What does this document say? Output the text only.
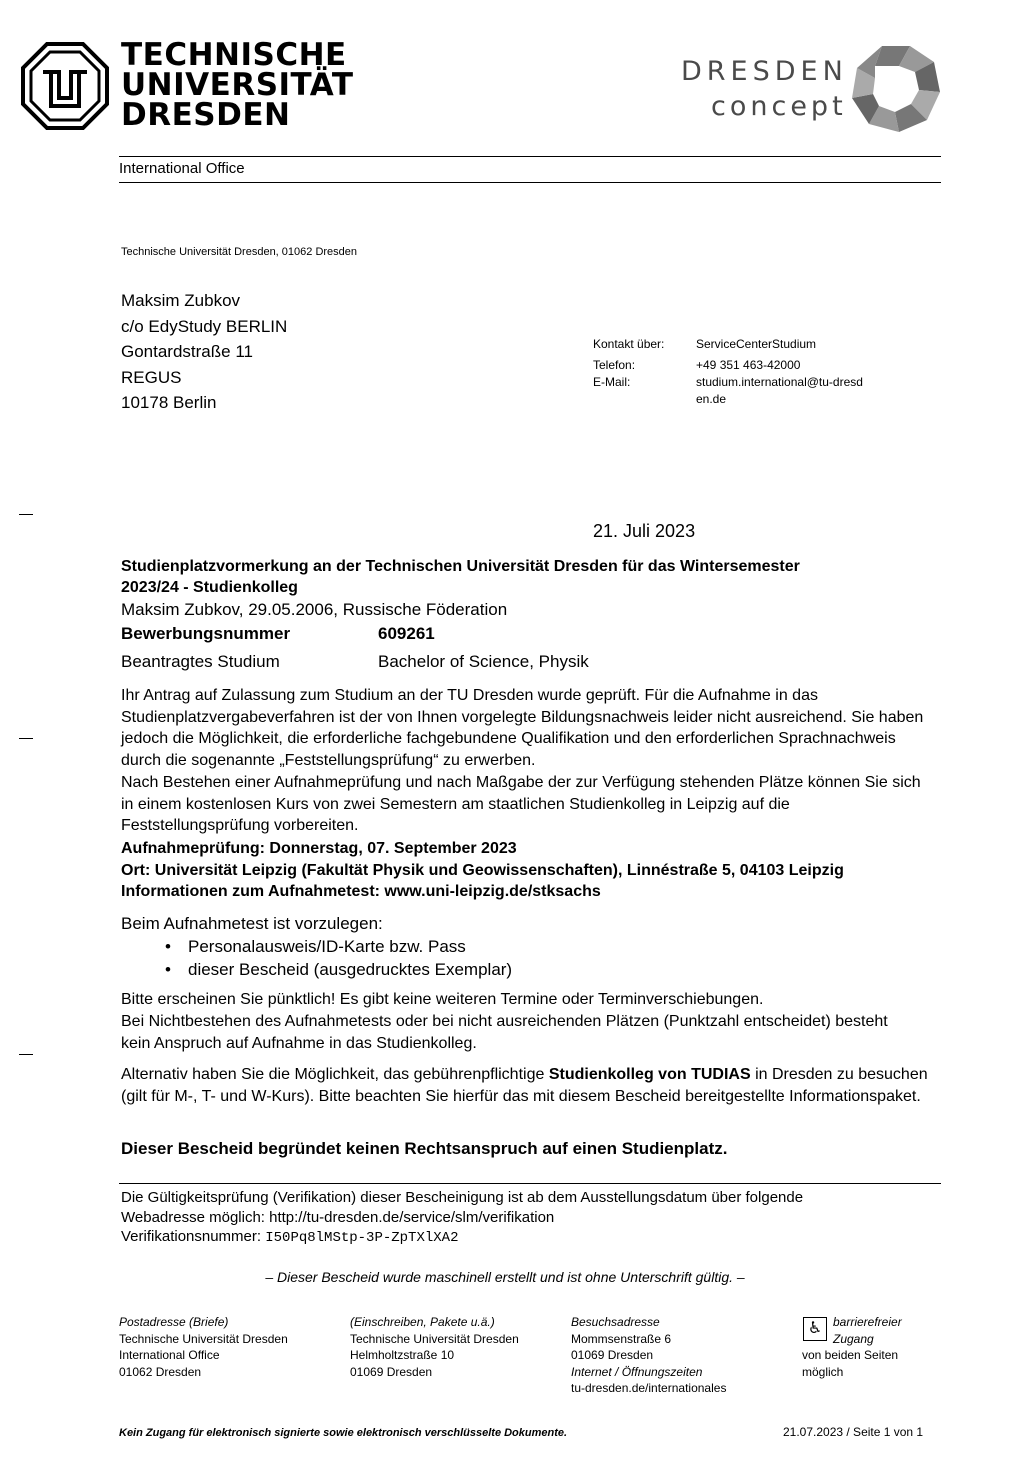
TECHNISCHE
UNIVERSITÄT
DRESDEN
DRESDEN
concept
International Office
Technische Universität Dresden, 01062 Dresden
Maksim Zubkov
c/o EdyStudy BERLIN
Gontardstraße 11
REGUS
10178 Berlin
Kontakt über:	ServiceCenterStudium
Telefon:	+49 351 463-42000
E-Mail:	studium.international@tu-dresden.de
21. Juli 2023
Studienplatzvormerkung an der Technischen Universität Dresden für das Wintersemester 2023/24 - Studienkolleg
Maksim Zubkov, 29.05.2006, Russische Föderation
Bewerbungsnummer	609261
Beantragtes Studium	Bachelor of Science, Physik
Ihr Antrag auf Zulassung zum Studium an der TU Dresden wurde geprüft. Für die Aufnahme in das Studienplatzvergabeverfahren ist der von Ihnen vorgelegte Bildungsnachweis leider nicht ausreichend. Sie haben jedoch die Möglichkeit, die erforderliche fachgebundene Qualifikation und den erforderlichen Sprachnachweis durch die sogenannte „Feststellungsprüfung“ zu erwerben.
Nach Bestehen einer Aufnahmeprüfung und nach Maßgabe der zur Verfügung stehenden Plätze können Sie sich in einem kostenlosen Kurs von zwei Semestern am staatlichen Studienkolleg in Leipzig auf die Feststellungsprüfung vorbereiten.
Aufnahmeprüfung: Donnerstag, 07. September 2023
Ort: Universität Leipzig (Fakultät Physik und Geowissenschaften), Linnéstraße 5, 04103 Leipzig
Informationen zum Aufnahmetest: www.uni-leipzig.de/stksachs
Beim Aufnahmetest ist vorzulegen:
• Personalausweis/ID-Karte bzw. Pass
• dieser Bescheid (ausgedrucktes Exemplar)
Bitte erscheinen Sie pünktlich! Es gibt keine weiteren Termine oder Terminverschiebungen.
Bei Nichtbestehen des Aufnahmetests oder bei nicht ausreichenden Plätzen (Punktzahl entscheidet) besteht kein Anspruch auf Aufnahme in das Studienkolleg.
Alternativ haben Sie die Möglichkeit, das gebührenpflichtige Studienkolleg von TUDIAS in Dresden zu besuchen (gilt für M-, T- und W-Kurs). Bitte beachten Sie hierfür das mit diesem Bescheid bereitgestellte Informationspaket.
Dieser Bescheid begründet keinen Rechtsanspruch auf einen Studienplatz.
Die Gültigkeitsprüfung (Verifikation) dieser Bescheinigung ist ab dem Ausstellungsdatum über folgende
Webadresse möglich: http://tu-dresden.de/service/slm/verifikation
Verifikationsnummer: I50Pq8lMStp-3P-ZpTXlXA2
– Dieser Bescheid wurde maschinell erstellt und ist ohne Unterschrift gültig. –
Postadresse (Briefe)
Technische Universität Dresden
International Office
01062 Dresden
(Einschreiben, Pakete u.ä.)
Technische Universität Dresden
Helmholtzstraße 10
01069 Dresden
Besuchsadresse
Mommsenstraße 6
01069 Dresden
Internet / Öffnungszeiten
tu-dresden.de/internationales
♿ barrierefreier
Zugang
von beiden Seiten
möglich
Kein Zugang für elektronisch signierte sowie elektronisch verschlüsselte Dokumente.	21.07.2023 / Seite 1 von 1
